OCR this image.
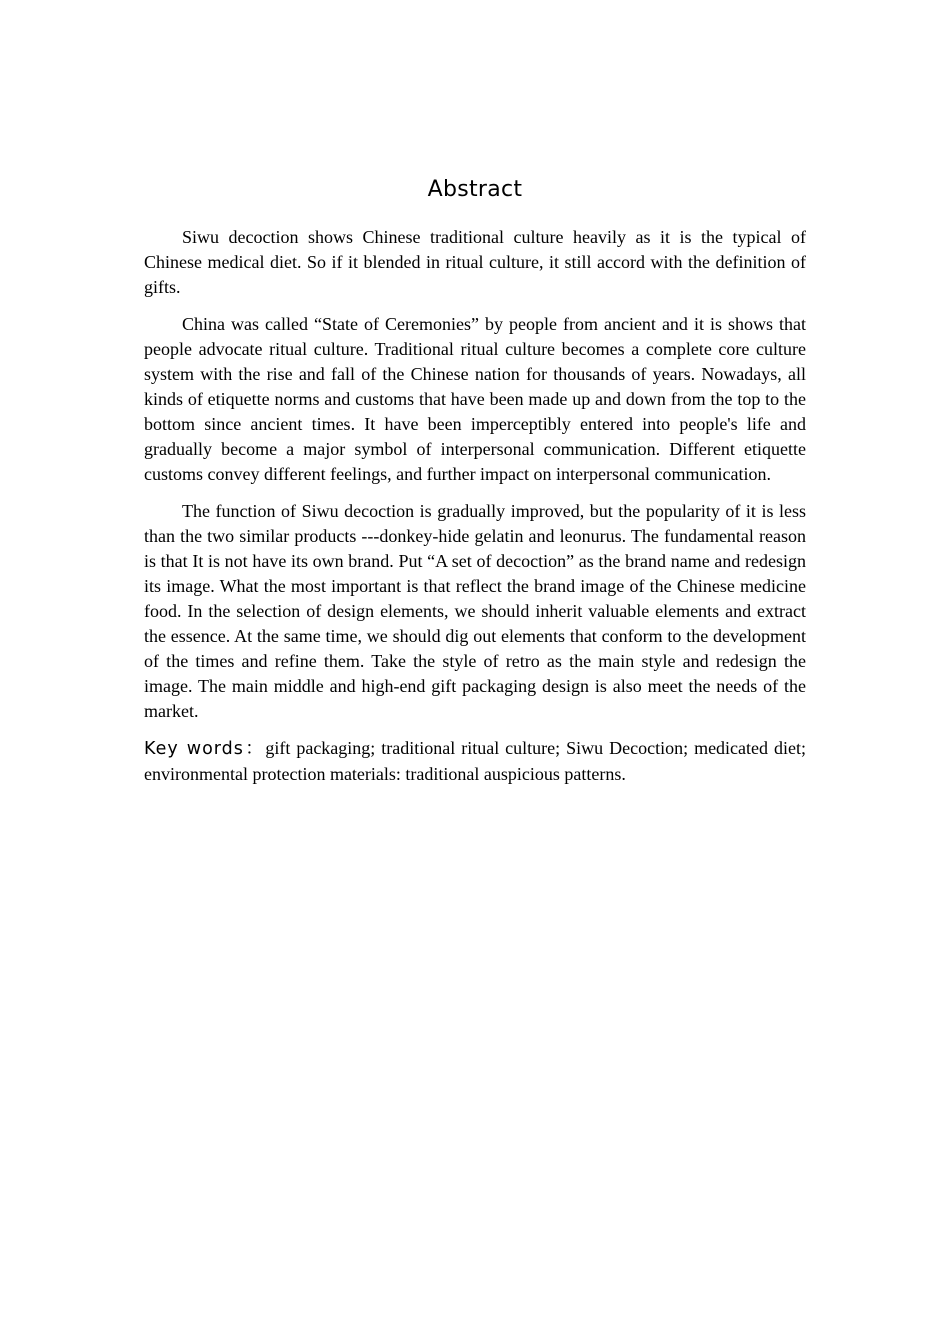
Abstract

Siwu decoction shows Chinese traditional culture heavily as it is the typical of Chinese medical diet. So if it blended in ritual culture, it still accord with the definition of gifts.

China was called “State of Ceremonies” by people from ancient and it is shows that people advocate ritual culture. Traditional ritual culture becomes a complete core culture system with the rise and fall of the Chinese nation for thousands of years. Nowadays, all kinds of etiquette norms and customs that have been made up and down from the top to the bottom since ancient times. It have been imperceptibly entered into people's life and gradually become a major symbol of interpersonal communication. Different etiquette customs convey different feelings, and further impact on interpersonal communication.

The function of Siwu decoction is gradually improved, but the popularity of it is less than the two similar products ---donkey-hide gelatin and leonurus. The fundamental reason is that It is not have its own brand. Put “A set of decoction” as the brand name and redesign its image. What the most important is that reflect the brand image of the Chinese medicine food. In the selection of design elements, we should inherit valuable elements and extract the essence. At the same time, we should dig out elements that conform to the development of the times and refine them. Take the style of retro as the main style and redesign the image. The main middle and high-end gift packaging design is also meet the needs of the market.

Key words：gift packaging; traditional ritual culture; Siwu Decoction; medicated diet; environmental protection materials: traditional auspicious patterns.
